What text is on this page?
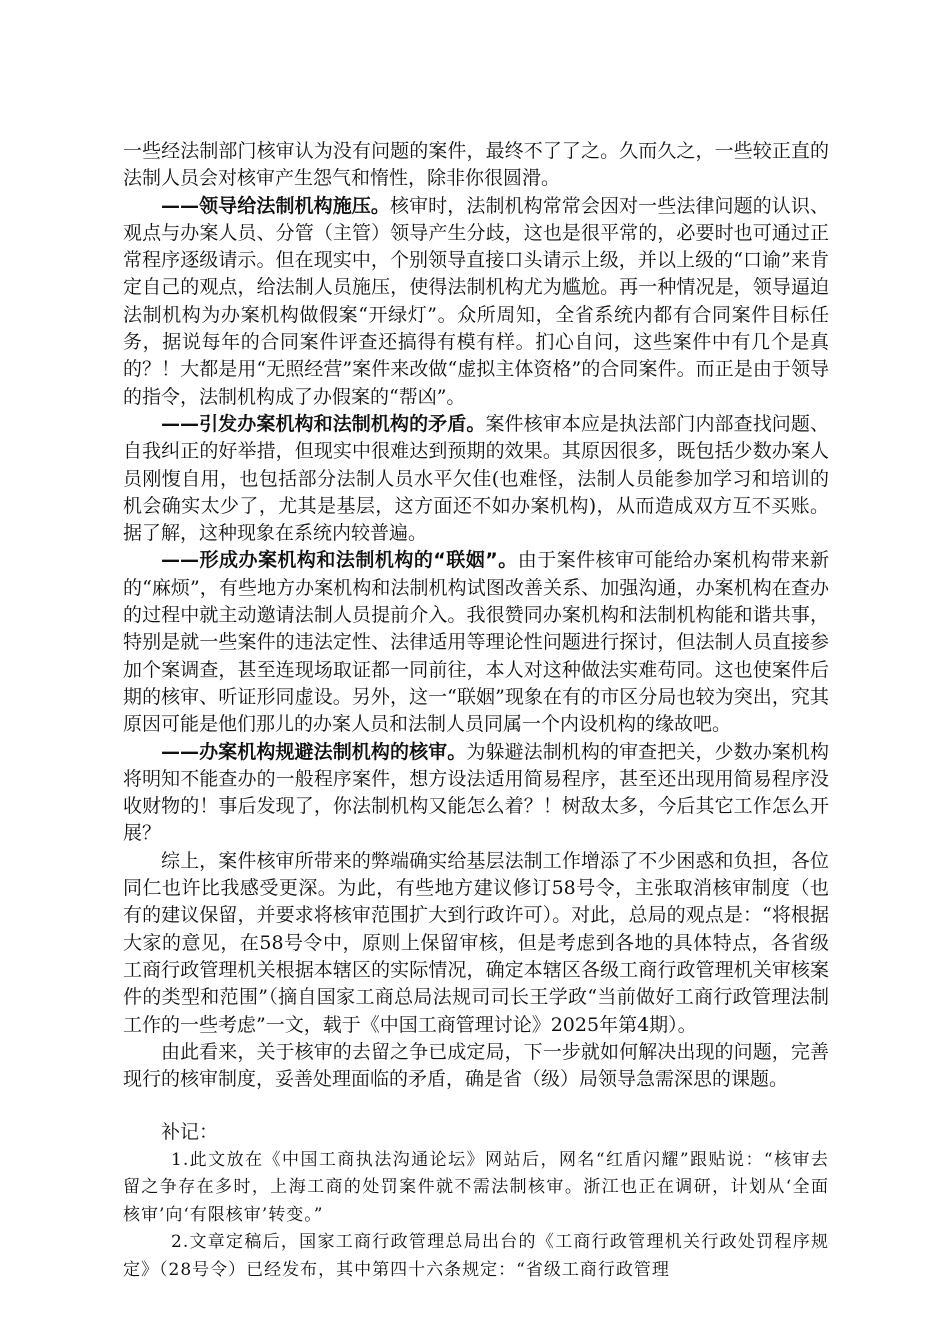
一些经法制部门核审认为没有问题的案件，最终不了了之。久而久之，一些较正直的法制人员会对核审产生怨气和惰性，除非你很圆滑。

——领导给法制机构施压。核审时，法制机构常常会因对一些法律问题的认识、观点与办案人员、分管（主管）领导产生分歧，这也是很平常的，必要时也可通过正常程序逐级请示。但在现实中，个别领导直接口头请示上级，并以上级的“口谕”来肯定自己的观点，给法制人员施压，使得法制机构尤为尴尬。再一种情况是，领导逼迫法制机构为办案机构做假案“开绿灯”。众所周知，全省系统内都有合同案件目标任务，据说每年的合同案件评查还搞得有模有样。扪心自问，这些案件中有几个是真的？！大都是用“无照经营”案件来改做“虚拟主体资格”的合同案件。而正是由于领导的指令，法制机构成了办假案的“帮凶”。

——引发办案机构和法制机构的矛盾。案件核审本应是执法部门内部查找问题、自我纠正的好举措，但现实中很难达到预期的效果。其原因很多，既包括少数办案人员刚愎自用，也包括部分法制人员水平欠佳(也难怪，法制人员能参加学习和培训的机会确实太少了，尤其是基层，这方面还不如办案机构)，从而造成双方互不买账。据了解，这种现象在系统内较普遍。

——形成办案机构和法制机构的“联姻”。由于案件核审可能给办案机构带来新的“麻烦”，有些地方办案机构和法制机构试图改善关系、加强沟通，办案机构在查办的过程中就主动邀请法制人员提前介入。我很赞同办案机构和法制机构能和谐共事，特别是就一些案件的违法定性、法律适用等理论性问题进行探讨，但法制人员直接参加个案调查，甚至连现场取证都一同前往，本人对这种做法实难苟同。这也使案件后期的核审、听证形同虚设。另外，这一“联姻”现象在有的市区分局也较为突出，究其原因可能是他们那儿的办案人员和法制人员同属一个内设机构的缘故吧。

——办案机构规避法制机构的核审。为躲避法制机构的审查把关，少数办案机构将明知不能查办的一般程序案件，想方设法适用简易程序，甚至还出现用简易程序没收财物的！事后发现了，你法制机构又能怎么着？！树敌太多，今后其它工作怎么开展？

综上，案件核审所带来的弊端确实给基层法制工作增添了不少困惑和负担，各位同仁也许比我感受更深。为此，有些地方建议修订58号令，主张取消核审制度（也有的建议保留，并要求将核审范围扩大到行政许可）。对此，总局的观点是：“将根据大家的意见，在58号令中，原则上保留审核，但是考虑到各地的具体特点，各省级工商行政管理机关根据本辖区的实际情况，确定本辖区各级工商行政管理机关审核案件的类型和范围”（摘自国家工商总局法规司司长王学政“当前做好工商行政管理法制工作的一些考虑”一文，载于《中国工商管理讨论》2025年第4期）。

由此看来，关于核审的去留之争已成定局，下一步就如何解决出现的问题，完善现行的核审制度，妥善处理面临的矛盾，确是省（级）局领导急需深思的课题。

补记：

1.此文放在《中国工商执法沟通论坛》网站后，网名“红盾闪耀”跟贴说：“核审去留之争存在多时，上海工商的处罚案件就不需法制核审。浙江也正在调研，计划从‘全面核审’向‘有限核审’转变。”

2.文章定稿后，国家工商行政管理总局出台的《工商行政管理机关行政处罚程序规定》（28号令）已经发布，其中第四十六条规定：“省级工商行政管理
